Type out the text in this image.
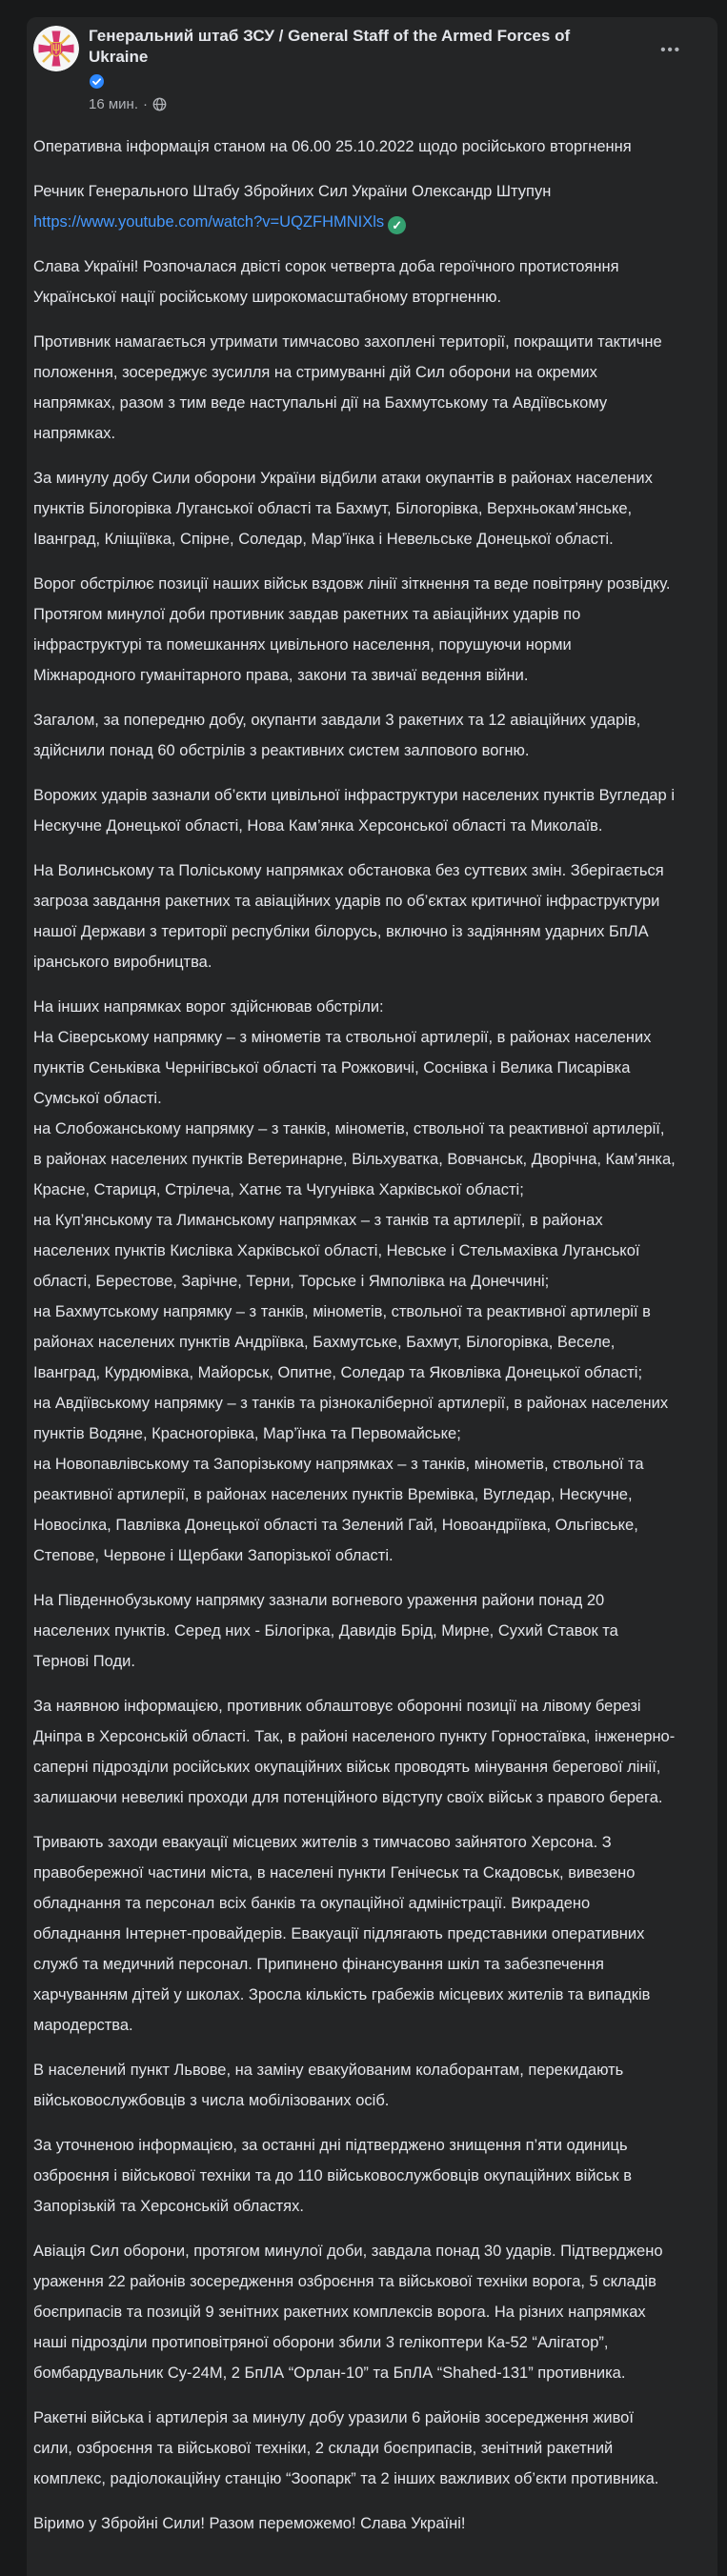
Генеральний штаб ЗСУ / General Staff of the Armed Forces of Ukraine
16 мин. ·
•••

Оперативна інформація станом на 06.00 25.10.2022 щодо російського вторгнення

Речник Генерального Штабу Збройних Сил України Олександр Штупун
https://www.youtube.com/watch?v=UQZFHMNIXls ✓

Слава Україні! Розпочалася двісті сорок четверта доба героїчного протистояння Української нації російському широкомасштабному вторгненню.

Противник намагається утримати тимчасово захоплені території, покращити тактичне положення, зосереджує зусилля на стримуванні дій Сил оборони на окремих напрямках, разом з тим веде наступальні дії на Бахмутському та Авдіївському напрямках.

За минулу добу Сили оборони України відбили атаки окупантів в районах населених пунктів Білогорівка Луганської області та Бахмут, Білогорівка, Верхньокам’янське, Іванград, Кліщіївка, Спірне, Соледар, Мар’їнка і Невельське Донецької області.

Ворог обстрілює позиції наших військ вздовж лінії зіткнення та веде повітряну розвідку. Протягом минулої доби противник завдав ракетних та авіаційних ударів по інфраструктурі та помешканнях цивільного населення, порушуючи норми Міжнародного гуманітарного права, закони та звичаї ведення війни.

Загалом, за попередню добу, окупанти завдали 3 ракетних та 12 авіаційних ударів, здійснили понад 60 обстрілів з реактивних систем залпового вогню.

Ворожих ударів зазнали об’єкти цивільної інфраструктури населених пунктів Вугледар і Нескучне Донецької області, Нова Кам’янка Херсонської області та Миколаїв.

На Волинському та Поліському напрямках обстановка без суттєвих змін. Зберігається загроза завдання ракетних та авіаційних ударів по об’єктах критичної інфраструктури нашої Держави з території республіки білорусь, включно із задіянням ударних БпЛА іранського виробництва.

На інших напрямках ворог здійснював обстріли:
На Сіверському напрямку – з мінометів та ствольної артилерії, в районах населених пунктів Сеньківка Чернігівської області та Рожковичі, Соснівка і Велика Писарівка Сумської області.
на Слобожанському напрямку – з танків, мінометів, ствольної та реактивної артилерії, в районах населених пунктів Ветеринарне, Вільхуватка, Вовчанськ, Дворічна, Кам’янка, Красне, Стариця, Стрілеча, Хатнє та Чугунівка Харківської області;
на Куп’янському та Лиманському напрямках – з танків та артилерії, в районах населених пунктів Кислівка Харківської області, Невське і Стельмахівка Луганської області, Берестове, Зарічне, Терни, Торське і Ямполівка на Донеччині;
на Бахмутському напрямку – з танків, мінометів, ствольної та реактивної артилерії в районах населених пунктів Андріївка, Бахмутське, Бахмут, Білогорівка, Веселе, Іванград, Курдюмівка, Майорськ, Опитне, Соледар та Яковлівка Донецької області;
на Авдіївському напрямку – з танків та різнокаліберної артилерії, в районах населених пунктів Водяне, Красногорівка, Мар’їнка та Первомайське;
на Новопавлівському та Запорізькому напрямках – з танків, мінометів, ствольної та реактивної артилерії, в районах населених пунктів Времівка, Вугледар, Нескучне, Новосілка, Павлівка Донецької області та Зелений Гай, Новоандріївка, Ольгівське, Степове, Червоне і Щербаки Запорізької області.

На Південнобузькому напрямку зазнали вогневого ураження райони понад 20 населених пунктів. Серед них - Білогірка, Давидів Брід, Мирне, Сухий Ставок та Тернові Поди.

За наявною інформацією, противник облаштовує оборонні позиції на лівому березі Дніпра в Херсонській області. Так, в районі населеного пункту Горностаївка, інженерно-саперні підрозділи російських окупаційних військ проводять мінування берегової лінії, залишаючи невеликі проходи для потенційного відступу своїх військ з правого берега.

Тривають заходи евакуації місцевих жителів з тимчасово зайнятого Херсона. З правобережної частини міста, в населені пункти Генічеськ та Скадовськ, вивезено обладнання та персонал всіх банків та окупаційної адміністрації. Викрадено обладнання Інтернет-провайдерів. Евакуації підлягають представники оперативних служб та медичний персонал. Припинено фінансування шкіл та забезпечення харчуванням дітей у школах. Зросла кількість грабежів місцевих жителів та випадків мародерства.

В населений пункт Львове, на заміну евакуйованим колаборантам, перекидають військовослужбовців з числа мобілізованих осіб.

За уточненою інформацією, за останні дні підтверджено знищення п’яти одиниць озброєння і військової техніки та до 110 військовослужбовців окупаційних військ в Запорізькій та Херсонській областях.

Авіація Сил оборони, протягом минулої доби, завдала понад 30 ударів. Підтверджено ураження 22 районів зосередження озброєння та військової техніки ворога, 5 складів боєприпасів та позицій 9 зенітних ракетних комплексів ворога. На різних напрямках наші підрозділи протиповітряної оборони збили 3 гелікоптери Ка-52 “Алігатор”, бомбардувальник Су-24М, 2 БпЛА “Орлан-10” та БпЛА “Shahed-131” противника.

Ракетні війська і артилерія за минулу добу уразили 6 районів зосередження живої сили, озброєння та військової техніки, 2 склади боєприпасів, зенітний ракетний комплекс, радіолокаційну станцію “Зоопарк” та 2 інших важливих об’єкти противника.

Віримо у Збройні Сили! Разом переможемо! Слава Україні!
